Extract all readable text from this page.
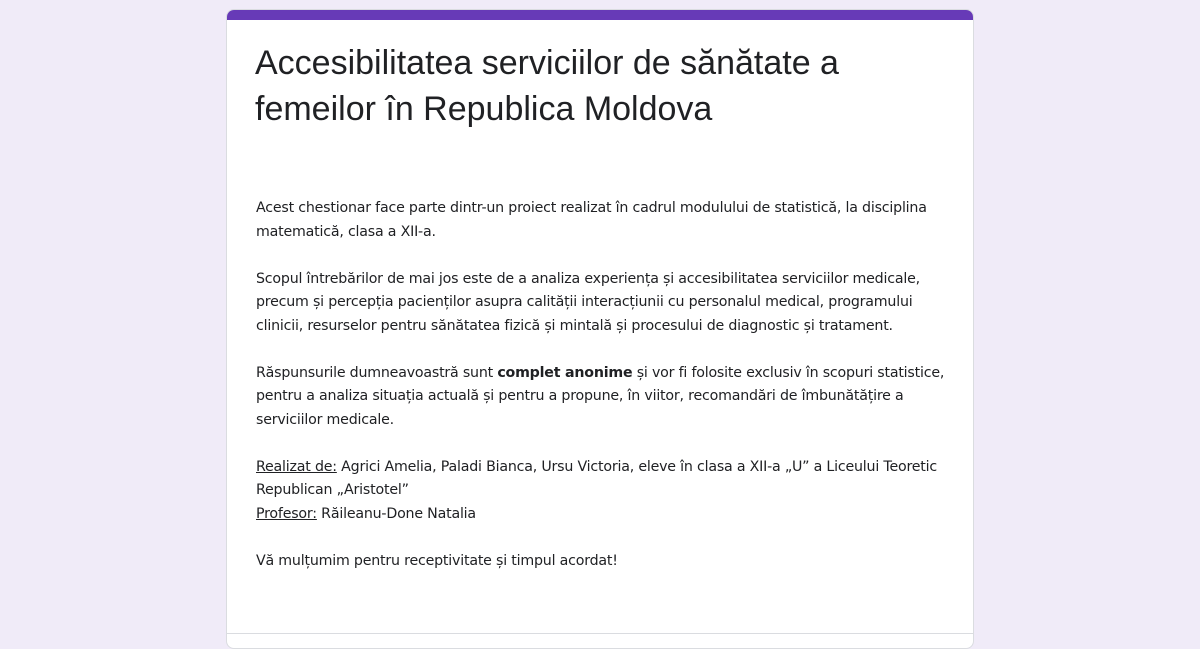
Accesibilitatea serviciilor de sănătate a femeilor în Republica Moldova

Acest chestionar face parte dintr-un proiect realizat în cadrul modulului de statistică, la disciplina matematică, clasa a XII-a.

Scopul întrebărilor de mai jos este de a analiza experiența și accesibilitatea serviciilor medicale, precum și percepția pacienților asupra calității interacțiunii cu personalul medical, programului clinicii, resurselor pentru sănătatea fizică și mintală și procesului de diagnostic și tratament.

Răspunsurile dumneavoastră sunt complet anonime și vor fi folosite exclusiv în scopuri statistice, pentru a analiza situația actuală și pentru a propune, în viitor, recomandări de îmbunătățire a serviciilor medicale.

Realizat de: Agrici Amelia, Paladi Bianca, Ursu Victoria, eleve în clasa a XII-a „U” a Liceului Teoretic Republican „Aristotel”

Profesor: Răileanu-Done Natalia

Vă mulțumim pentru receptivitate și timpul acordat!
